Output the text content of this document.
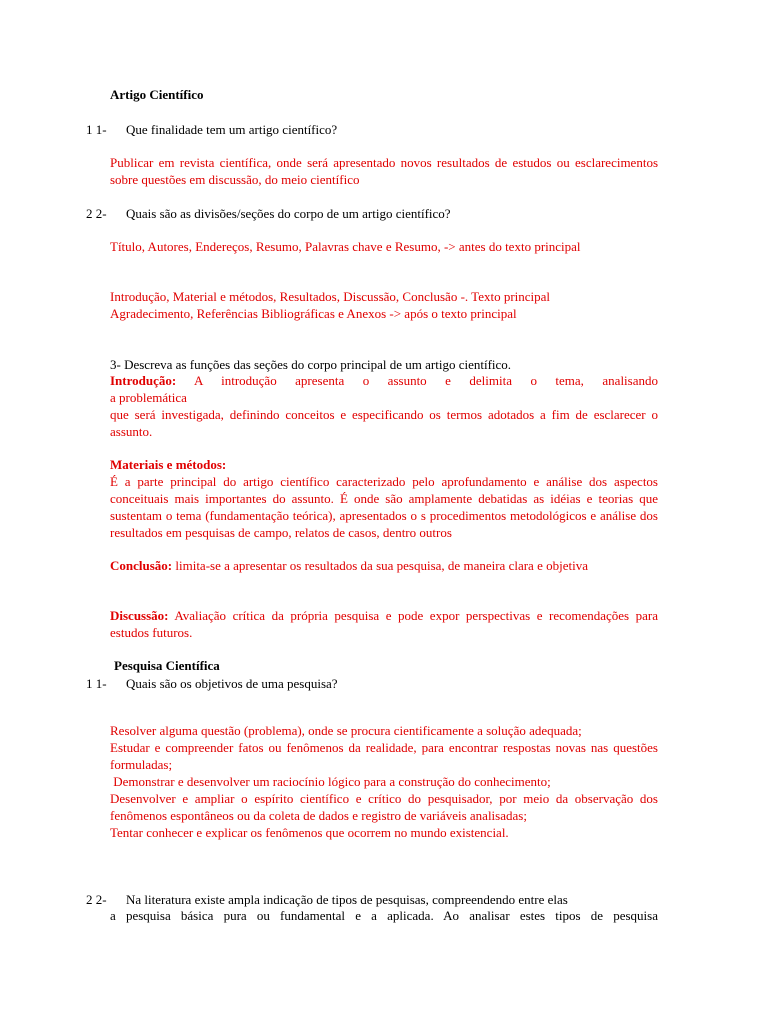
Artigo Científico
1 1- Que finalidade tem um artigo científico?
Publicar em revista científica, onde será apresentado novos resultados de estudos ou esclarecimentos sobre questões em discussão, do meio científico
2 2- Quais são as divisões/seções do corpo de um artigo científico?
Título, Autores, Endereços, Resumo, Palavras chave e Resumo, -> antes do texto principal
Introdução, Material e métodos, Resultados, Discussão, Conclusão -. Texto principal
Agradecimento, Referências Bibliográficas e Anexos -> após o texto principal
3- Descreva as funções das seções do corpo principal de um artigo científico.
Introdução: A introdução apresenta o assunto e delimita o tema, analisando
a problemática
que será investigada, definindo conceitos e especificando os termos adotados a fim de esclarecer o assunto.
Materiais e métodos:
É a parte principal do artigo científico caracterizado pelo aprofundamento e análise dos aspectos conceituais mais importantes do assunto. É onde são amplamente debatidas as idéias e teorias que sustentam o tema (fundamentação teórica), apresentados o s procedimentos metodológicos e análise dos resultados em pesquisas de campo, relatos de casos, dentro outros
Conclusão: limita-se a apresentar os resultados da sua pesquisa, de maneira clara e objetiva
Discussão: Avaliação crítica da própria pesquisa e pode expor perspectivas e recomendações para estudos futuros.
Pesquisa Científica
1 1- Quais são os objetivos de uma pesquisa?
Resolver alguma questão (problema), onde se procura cientificamente a solução adequada;
Estudar e compreender fatos ou fenômenos da realidade, para encontrar respostas novas nas questões formuladas;
Demonstrar e desenvolver um raciocínio lógico para a construção do conhecimento;
Desenvolver e ampliar o espírito científico e crítico do pesquisador, por meio da observação dos fenômenos espontâneos ou da coleta de dados e registro de variáveis analisadas;
Tentar conhecer e explicar os fenômenos que ocorrem no mundo existencial.
2 2- Na literatura existe ampla indicação de tipos de pesquisas, compreendendo entre elas
a pesquisa básica pura ou fundamental e a aplicada. Ao analisar estes tipos de pesquisa
